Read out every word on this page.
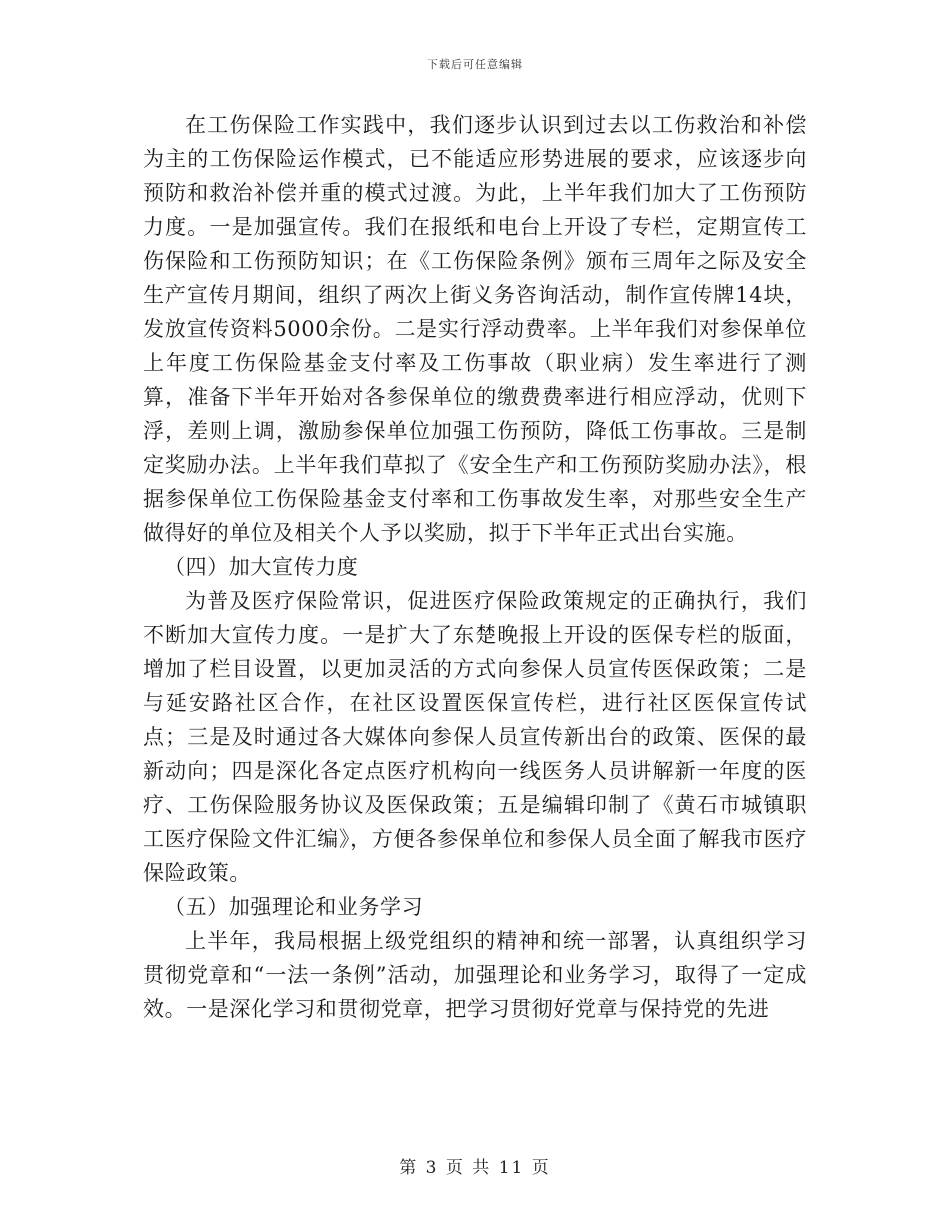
下载后可任意编辑

在工伤保险工作实践中，我们逐步认识到过去以工伤救治和补偿为主的工伤保险运作模式，已不能适应形势进展的要求，应该逐步向预防和救治补偿并重的模式过渡。为此，上半年我们加大了工伤预防力度。一是加强宣传。我们在报纸和电台上开设了专栏，定期宣传工伤保险和工伤预防知识；在《工伤保险条例》颁布三周年之际及安全生产宣传月期间，组织了两次上街义务咨询活动，制作宣传牌14块，发放宣传资料5000余份。二是实行浮动费率。上半年我们对参保单位上年度工伤保险基金支付率及工伤事故（职业病）发生率进行了测算，准备下半年开始对各参保单位的缴费费率进行相应浮动，优则下浮，差则上调，激励参保单位加强工伤预防，降低工伤事故。三是制定奖励办法。上半年我们草拟了《安全生产和工伤预防奖励办法》，根据参保单位工伤保险基金支付率和工伤事故发生率，对那些安全生产做得好的单位及相关个人予以奖励，拟于下半年正式出台实施。

（四）加大宣传力度

为普及医疗保险常识，促进医疗保险政策规定的正确执行，我们不断加大宣传力度。一是扩大了东楚晚报上开设的医保专栏的版面，增加了栏目设置，以更加灵活的方式向参保人员宣传医保政策；二是与延安路社区合作，在社区设置医保宣传栏，进行社区医保宣传试点；三是及时通过各大媒体向参保人员宣传新出台的政策、医保的最新动向；四是深化各定点医疗机构向一线医务人员讲解新一年度的医疗、工伤保险服务协议及医保政策；五是编辑印制了《黄石市城镇职工医疗保险文件汇编》，方便各参保单位和参保人员全面了解我市医疗保险政策。

（五）加强理论和业务学习

上半年，我局根据上级党组织的精神和统一部署，认真组织学习贯彻党章和“一法一条例”活动，加强理论和业务学习，取得了一定成效。一是深化学习和贯彻党章，把学习贯彻好党章与保持党的先进

第 3 页 共 11 页
